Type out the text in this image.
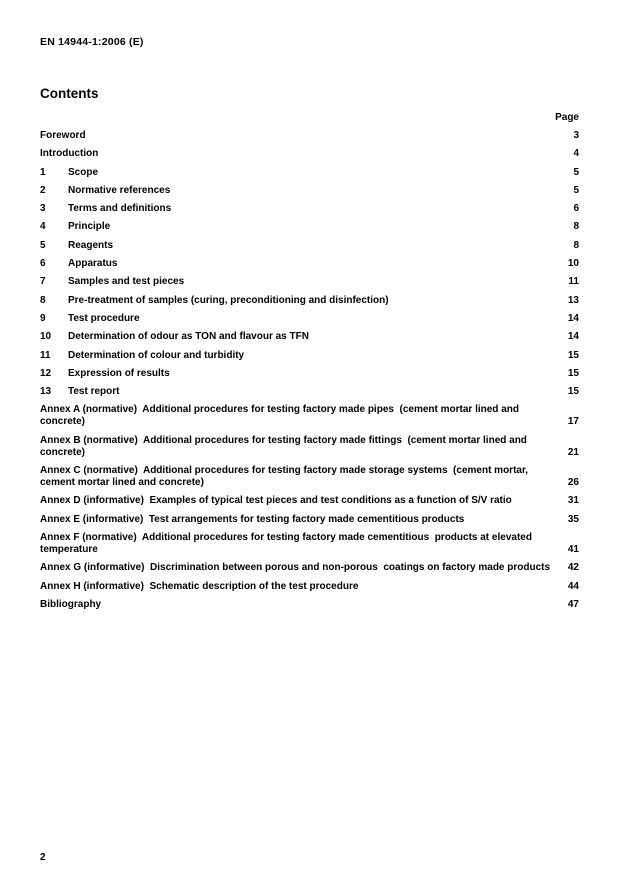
EN 14944-1:2006 (E)
Contents
Page
Foreword	3
Introduction	4
1	Scope	5
2	Normative references	5
3	Terms and definitions	6
4	Principle	8
5	Reagents	8
6	Apparatus	10
7	Samples and test pieces	11
8	Pre-treatment of samples (curing, preconditioning and disinfection)	13
9	Test procedure	14
10	Determination of odour as TON and flavour as TFN	14
11	Determination of colour and turbidity	15
12	Expression of results	15
13	Test report	15
Annex A (normative)  Additional procedures for testing factory made pipes  (cement mortar lined and concrete)	17
Annex B (normative)  Additional procedures for testing factory made fittings  (cement mortar lined and concrete)	21
Annex C (normative)  Additional procedures for testing factory made storage systems  (cement mortar, cement mortar lined and concrete)	26
Annex D (informative)  Examples of typical test pieces and test conditions as a function of S/V ratio	31
Annex E (informative)  Test arrangements for testing factory made cementitious products	35
Annex F (normative)  Additional procedures for testing factory made cementitious  products at elevated temperature	41
Annex G (informative)  Discrimination between porous and non-porous  coatings on factory made products	42
Annex H (informative)  Schematic description of the test procedure	44
Bibliography	47
2
